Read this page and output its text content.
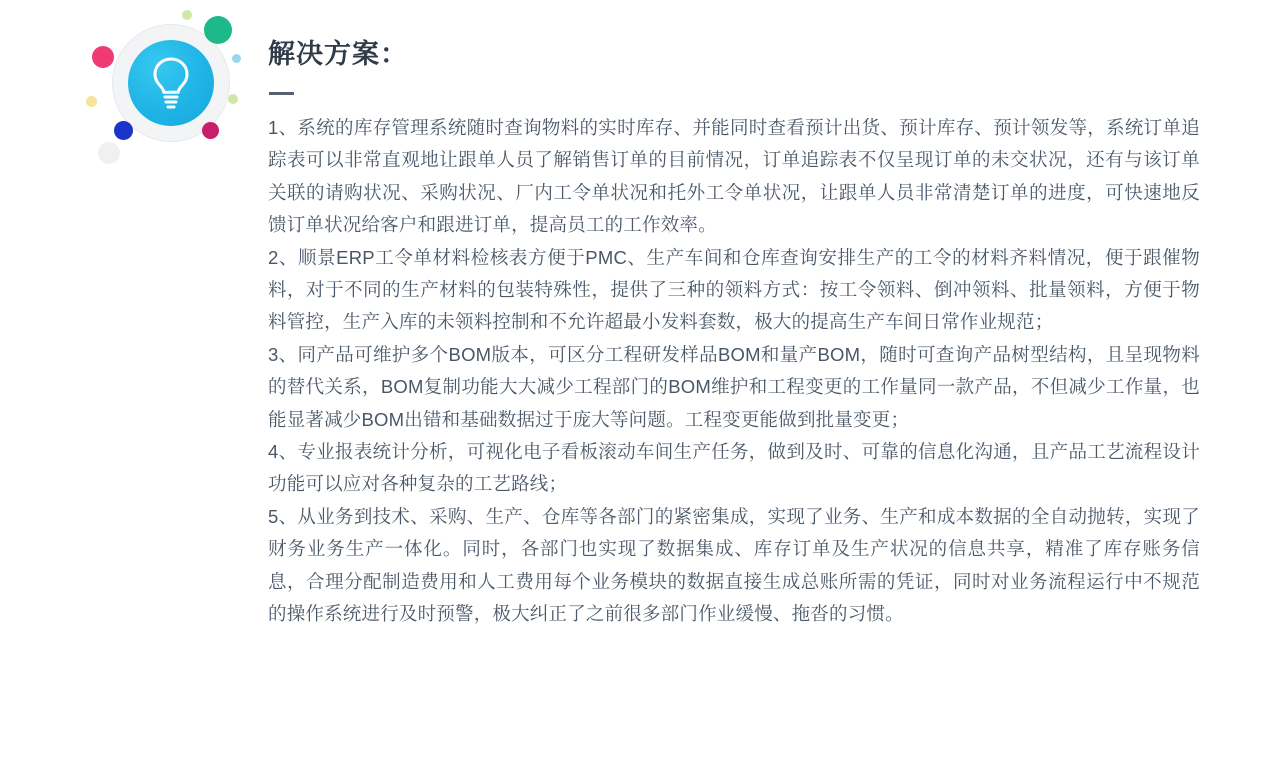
解决方案：

1、系统的库存管理系统随时查询物料的实时库存、并能同时查看预计出货、预计库存、预计领发等，系统订单追踪表可以非常直观地让跟单人员了解销售订单的目前情况，订单追踪表不仅呈现订单的未交状况，还有与该订单关联的请购状况、采购状况、厂内工令单状况和托外工令单状况，让跟单人员非常清楚订单的进度，可快速地反馈订单状况给客户和跟进订单，提高员工的工作效率。

2、顺景ERP工令单材料检核表方便于PMC、生产车间和仓库查询安排生产的工令的材料齐料情况，便于跟催物料，对于不同的生产材料的包装特殊性，提供了三种的领料方式：按工令领料、倒冲领料、批量领料，方便于物料管控，生产入库的未领料控制和不允许超最小发料套数，极大的提高生产车间日常作业规范；

3、同产品可维护多个BOM版本，可区分工程研发样品BOM和量产BOM，随时可查询产品树型结构，且呈现物料的替代关系，BOM复制功能大大减少工程部门的BOM维护和工程变更的工作量同一款产品，不但减少工作量，也能显著减少BOM出错和基础数据过于庞大等问题。工程变更能做到批量变更；

4、专业报表统计分析，可视化电子看板滚动车间生产任务，做到及时、可靠的信息化沟通，且产品工艺流程设计功能可以应对各种复杂的工艺路线；

5、从业务到技术、采购、生产、仓库等各部门的紧密集成，实现了业务、生产和成本数据的全自动抛转，实现了财务业务生产一体化。同时，各部门也实现了数据集成、库存订单及生产状况的信息共享，精准了库存账务信息，合理分配制造费用和人工费用每个业务模块的数据直接生成总账所需的凭证，同时对业务流程运行中不规范的操作系统进行及时预警，极大纠正了之前很多部门作业缓慢、拖沓的习惯。
